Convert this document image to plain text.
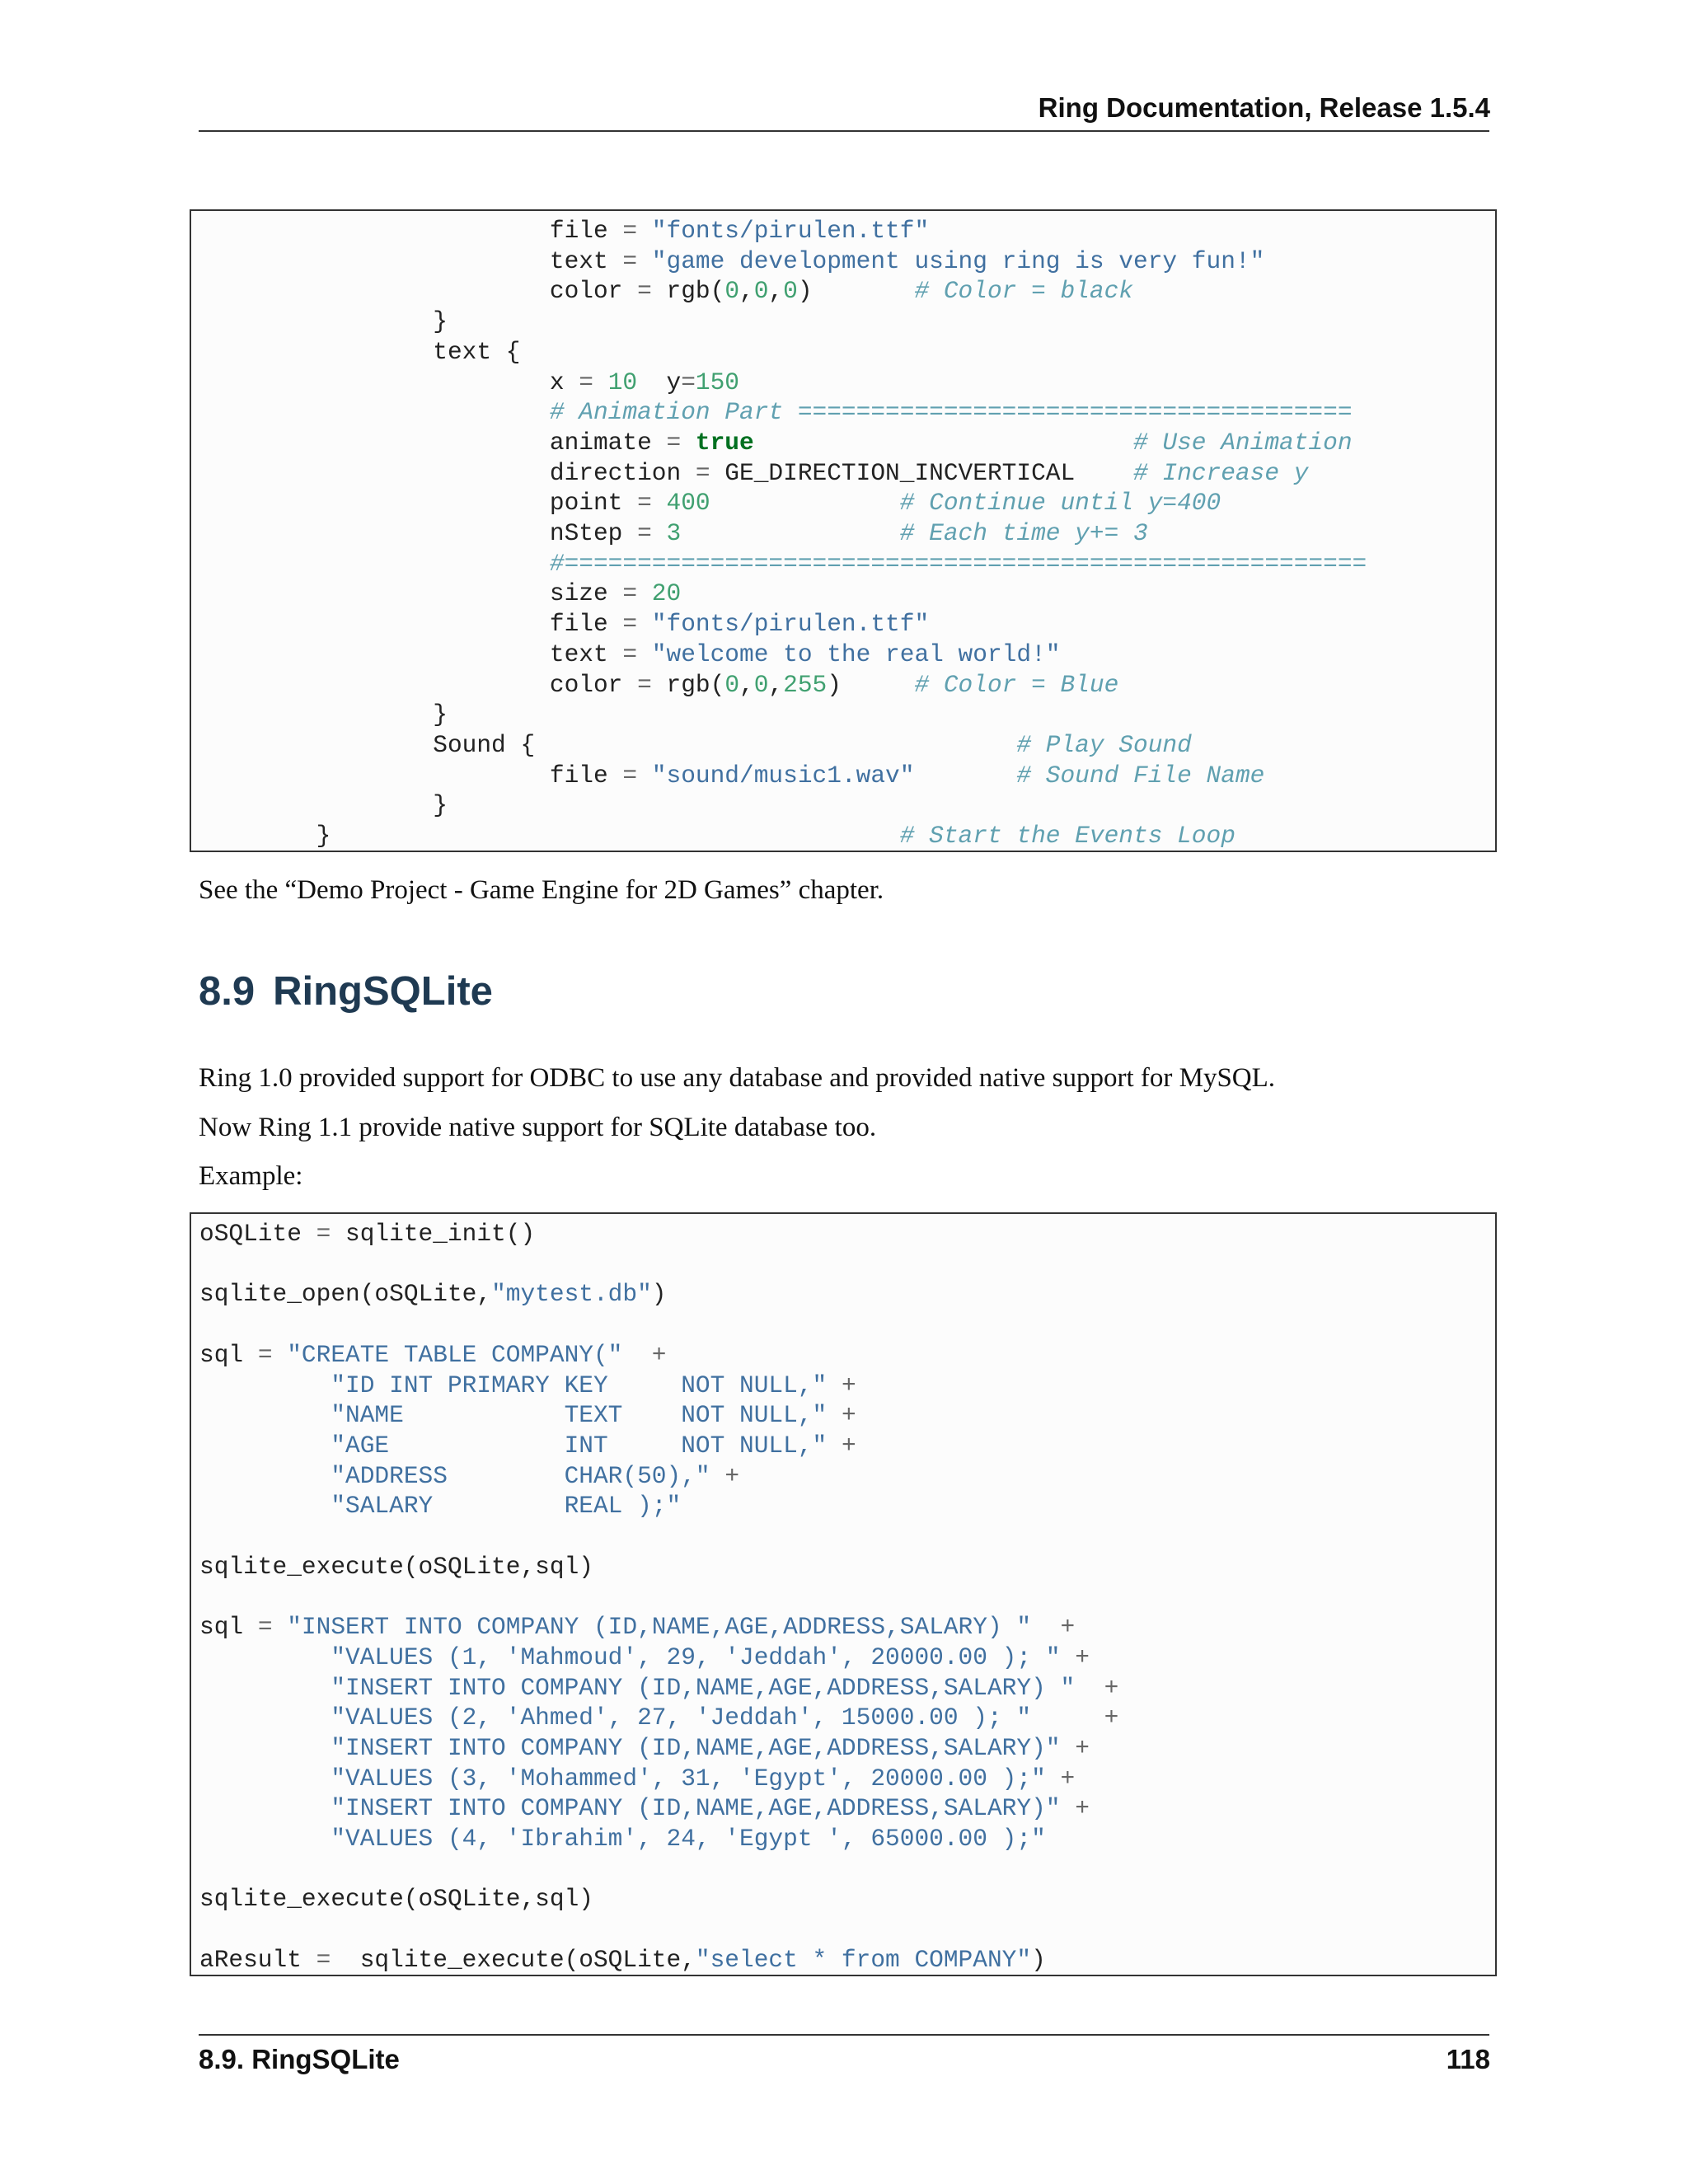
Ring Documentation, Release 1.5.4
file = "fonts/pirulen.ttf"
text = "game development using ring is very fun!"
color = rgb(0,0,0)       # Color = black
}
text {
x = 10  y=150
# Animation Part ======================================
animate = true	# Use Animation
direction = GE_DIRECTION_INCVERTICAL    # Increase y
point = 400	# Continue until y=400
nStep = 3	# Each time y+= 3
#=======================================================
size = 20
file = "fonts/pirulen.ttf"
text = "welcome to the real world!"
color = rgb(0,0,255)     # Color = Blue
}
Sound {                                 # Play Sound
file = "sound/music1.wav"	# Sound File Name
}
}                                       # Start the Events Loop
See the “Demo Project - Game Engine for 2D Games” chapter.
8.9 RingSQLite
Ring 1.0 provided support for ODBC to use any database and provided native support for MySQL.
Now Ring 1.1 provide native support for SQLite database too.
Example:
oSQLite = sqlite_init()

sqlite_open(oSQLite,"mytest.db")

sql = "CREATE TABLE COMPANY(" +
"ID INT PRIMARY KEY     NOT NULL," +
"NAME           TEXT    NOT NULL," +
"AGE            INT     NOT NULL," +
"ADDRESS        CHAR(50)," +
"SALARY         REAL );"

sqlite_execute(oSQLite,sql)

sql = "INSERT INTO COMPANY (ID,NAME,AGE,ADDRESS,SALARY) " +
"VALUES (1, 'Mahmoud', 29, 'Jeddah', 20000.00 ); " +
"INSERT INTO COMPANY (ID,NAME,AGE,ADDRESS,SALARY) " +
"VALUES (2, 'Ahmed', 27, 'Jeddah', 15000.00 ); "	+
"INSERT INTO COMPANY (ID,NAME,AGE,ADDRESS,SALARY)" +
"VALUES (3, 'Mohammed', 31, 'Egypt', 20000.00 );" +
"INSERT INTO COMPANY (ID,NAME,AGE,ADDRESS,SALARY)" +
"VALUES (4, 'Ibrahim', 24, 'Egypt ', 65000.00 );"

sqlite_execute(oSQLite,sql)

aResult =  sqlite_execute(oSQLite,"select * from COMPANY")
8.9. RingSQLite	118
